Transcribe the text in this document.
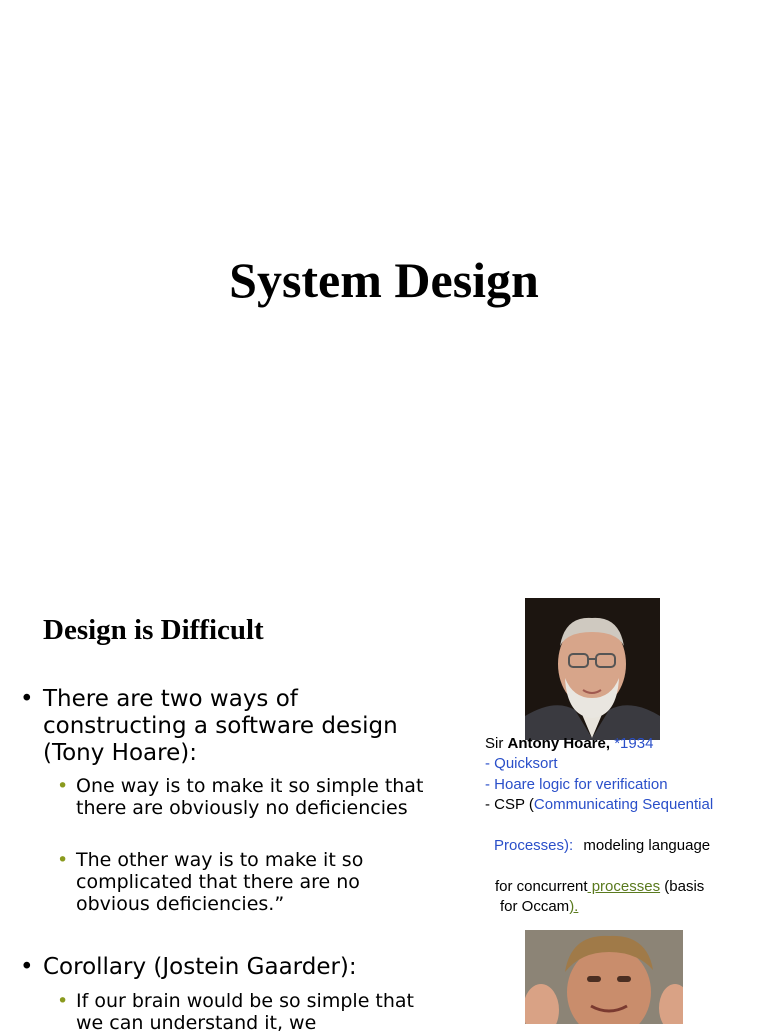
System Design
Design is Difficult
• There are two ways of constructing a software design (Tony Hoare):
• One way is to make it so simple that there are obviously no deficiencies
• The other way is to make it so complicated that there are no obvious deficiencies.”
• Corollary (Jostein Gaarder):
• If our brain would be so simple that we can understand it, we
Sir Antony Hoare, *1934
- Quicksort
- Hoare logic for verification
- CSP (Communicating Sequential
Processes): modeling language
for concurrent processes (basis
for Occam).
